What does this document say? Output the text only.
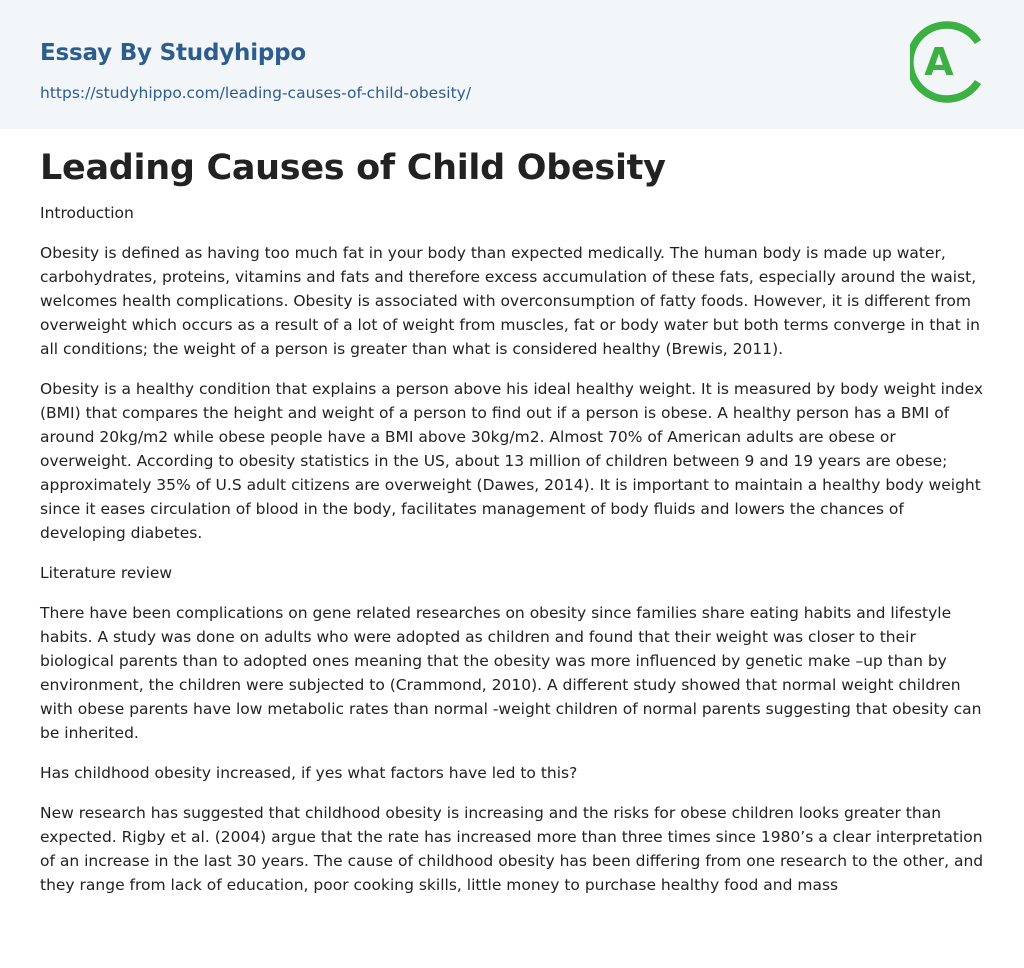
Essay By Studyhippo
https://studyhippo.com/leading-causes-of-child-obesity/
A
Leading Causes of Child Obesity

Introduction

Obesity is defined as having too much fat in your body than expected medically. The human body is made up water, carbohydrates, proteins, vitamins and fats and therefore excess accumulation of these fats, especially around the waist, welcomes health complications. Obesity is associated with overconsumption of fatty foods. However, it is different from overweight which occurs as a result of a lot of weight from muscles, fat or body water but both terms converge in that in all conditions; the weight of a person is greater than what is considered healthy (Brewis, 2011).

Obesity is a healthy condition that explains a person above his ideal healthy weight. It is measured by body weight index (BMI) that compares the height and weight of a person to find out if a person is obese. A healthy person has a BMI of around 20kg/m2 while obese people have a BMI above 30kg/m2. Almost 70% of American adults are obese or overweight. According to obesity statistics in the US, about 13 million of children between 9 and 19 years are obese; approximately 35% of U.S adult citizens are overweight (Dawes, 2014). It is important to maintain a healthy body weight since it eases circulation of blood in the body, facilitates management of body fluids and lowers the chances of developing diabetes.

Literature review

There have been complications on gene related researches on obesity since families share eating habits and lifestyle habits. A study was done on adults who were adopted as children and found that their weight was closer to their biological parents than to adopted ones meaning that the obesity was more influenced by genetic make –up than by environment, the children were subjected to (Crammond, 2010). A different study showed that normal weight children with obese parents have low metabolic rates than normal -weight children of normal parents suggesting that obesity can be inherited.

Has childhood obesity increased, if yes what factors have led to this?

New research has suggested that childhood obesity is increasing and the risks for obese children looks greater than expected. Rigby et al. (2004) argue that the rate has increased more than three times since 1980’s a clear interpretation of an increase in the last 30 years. The cause of childhood obesity has been differing from one research to the other, and they range from lack of education, poor cooking skills, little money to purchase healthy food and mass
